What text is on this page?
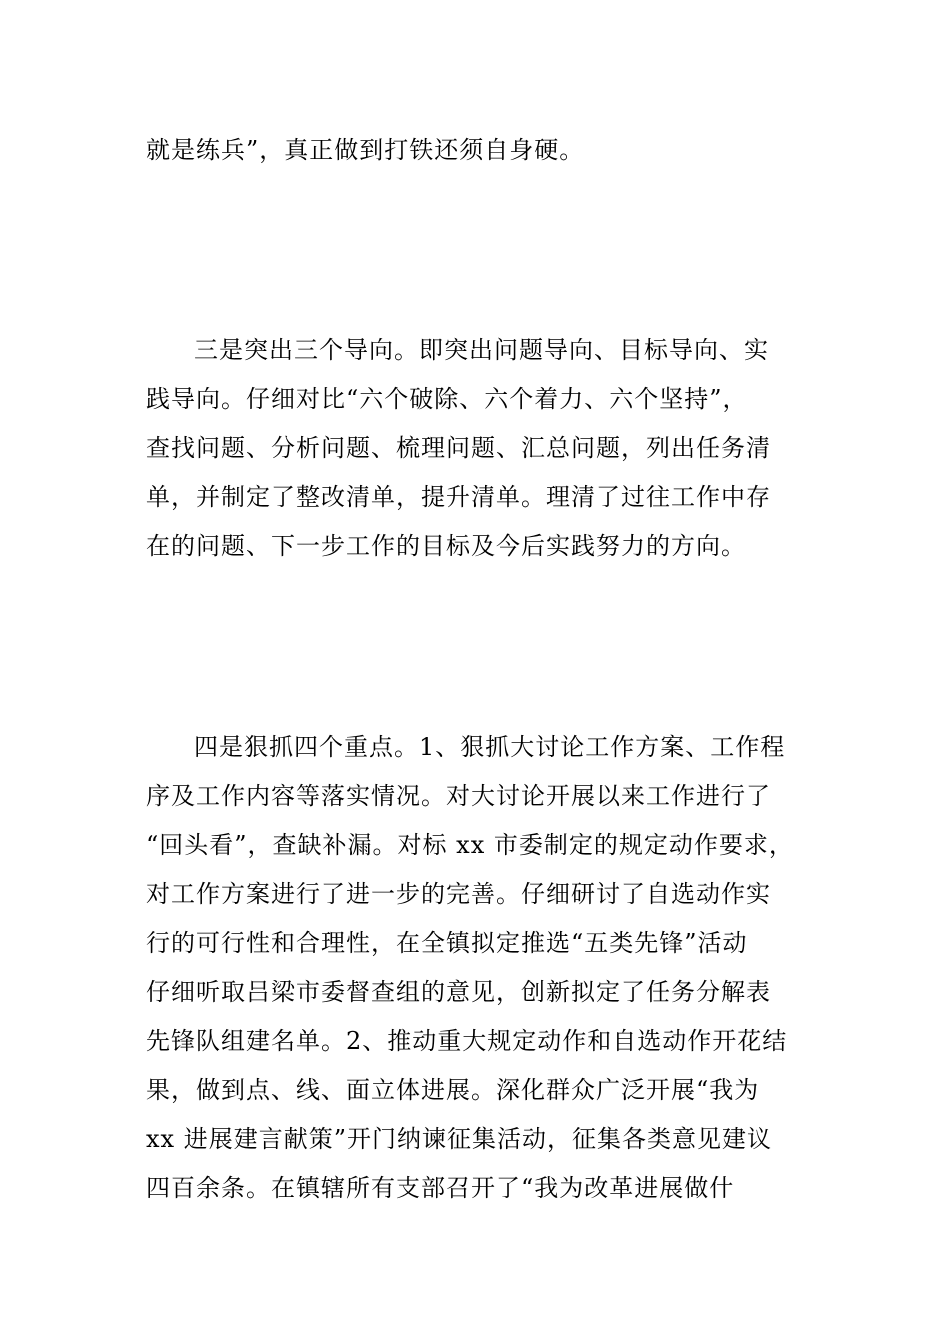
就是练兵”，真正做到打铁还须自身硬。
三是突出三个导向。即突出问题导向、目标导向、实
践导向。仔细对比“六个破除、六个着力、六个坚持”，
查找问题、分析问题、梳理问题、汇总问题，列出任务清
单，并制定了整改清单，提升清单。理清了过往工作中存
在的问题、下一步工作的目标及今后实践努力的方向。
四是狠抓四个重点。1、狠抓大讨论工作方案、工作程
序及工作内容等落实情况。对大讨论开展以来工作进行了
“回头看”，查缺补漏。对标 xx 市委制定的规定动作要求，
对工作方案进行了进一步的完善。仔细研讨了自选动作实
行的可行性和合理性，在全镇拟定推选“五类先锋”活动
仔细听取吕梁市委督查组的意见，创新拟定了任务分解表
先锋队组建名单。2、推动重大规定动作和自选动作开花结
果，做到点、线、面立体进展。深化群众广泛开展“我为
xx 进展建言献策”开门纳谏征集活动，征集各类意见建议
四百余条。在镇辖所有支部召开了“我为改革进展做什
